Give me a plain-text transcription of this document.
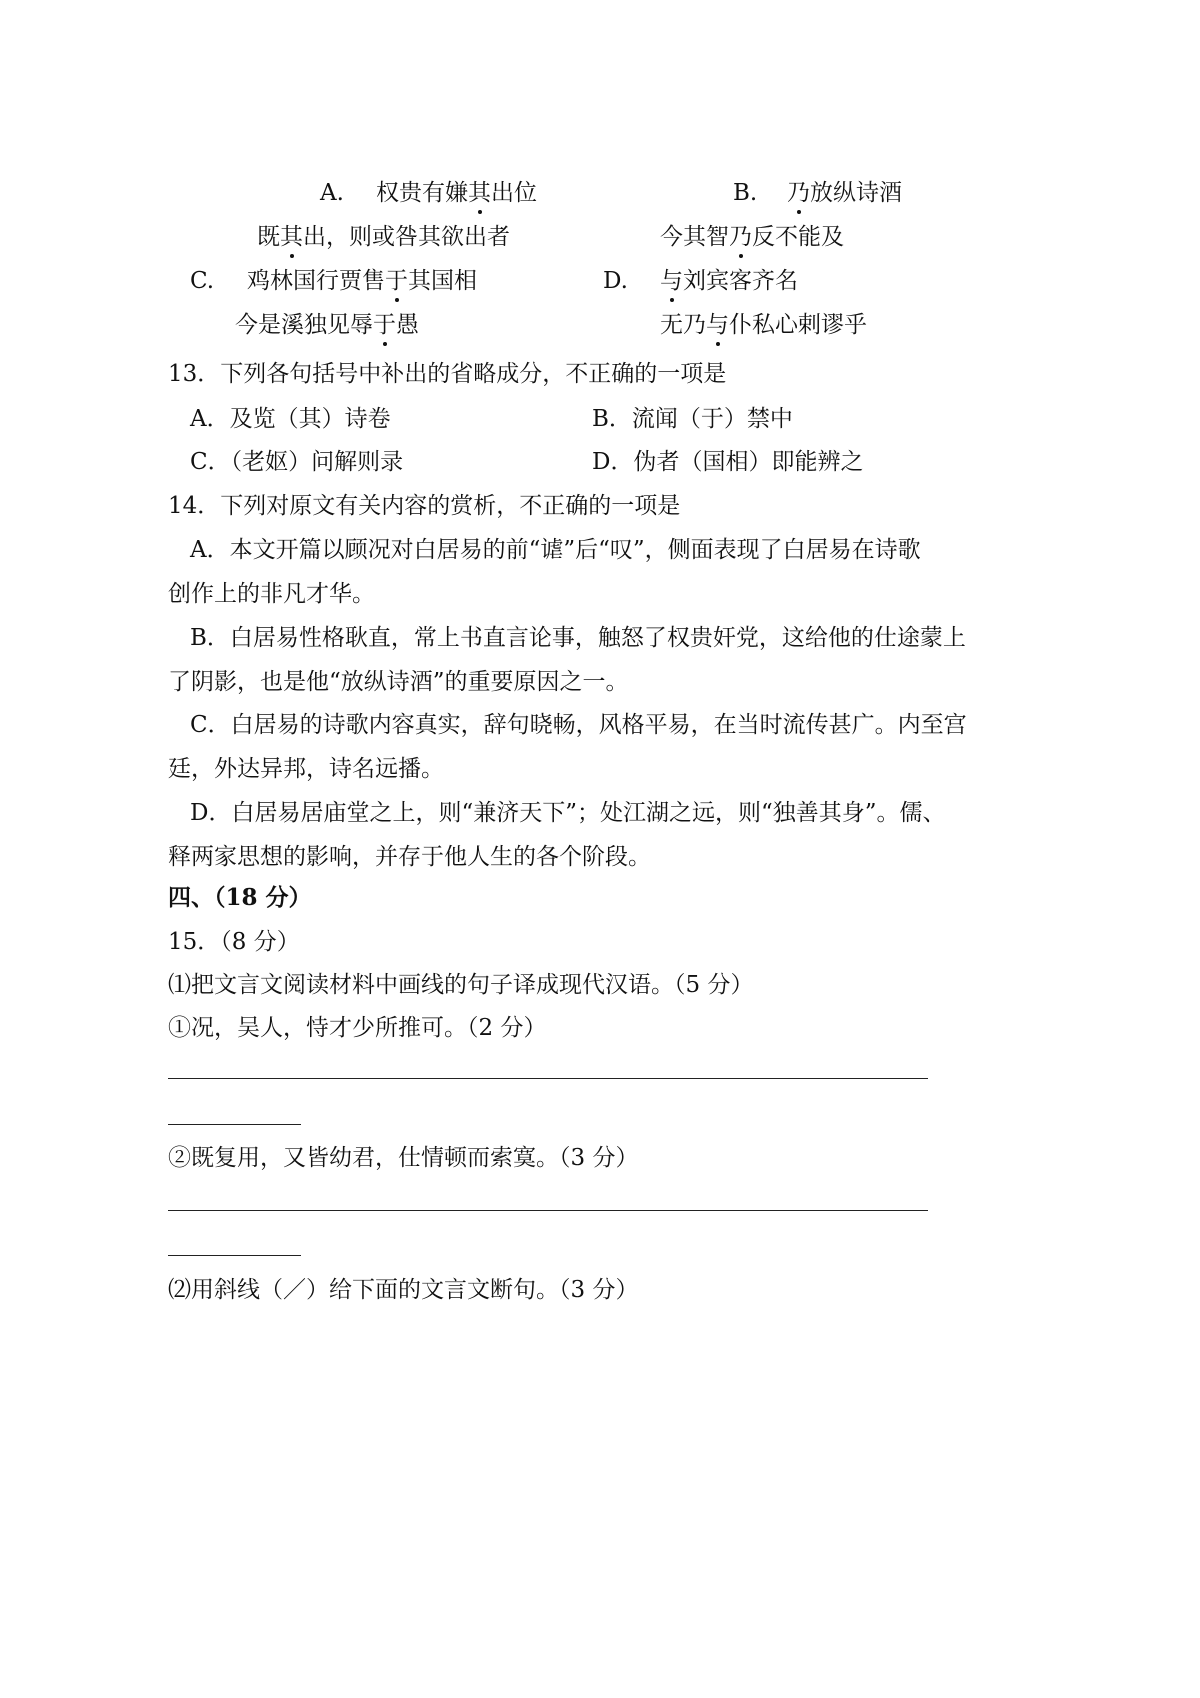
A. 权贵有嫌其出位	B. 乃放纵诗酒
既其出，则或咎其欲出者	今其智乃反不能及
C. 鸡林国行贾售于其国相	D. 与刘宾客齐名
今是溪独见辱于愚	无乃与仆私心剌谬乎
13．下列各句括号中补出的省略成分，不正确的一项是
A．及览（其）诗卷	B．流闻（于）禁中
C．（老妪）问解则录	D．伪者（国相）即能辨之
14．下列对原文有关内容的赏析，不正确的一项是
A．本文开篇以顾况对白居易的前“谑”后“叹”，侧面表现了白居易在诗歌
创作上的非凡才华。
B．白居易性格耿直，常上书直言论事，触怒了权贵奸党，这给他的仕途蒙上
了阴影，也是他“放纵诗酒”的重要原因之一。
C．白居易的诗歌内容真实，辞句晓畅，风格平易，在当时流传甚广。内至宫
廷，外达异邦，诗名远播。
D．白居易居庙堂之上，则“兼济天下”；处江湖之远，则“独善其身”。儒、
释两家思想的影响，并存于他人生的各个阶段。
四、（18 分）
15．（8 分）
⑴把文言文阅读材料中画线的句子译成现代汉语。（5 分）
①况，吴人，恃才少所推可。（2 分）
②既复用，又皆幼君，仕情顿而索寞。（3 分）
⑵用斜线（／）给下面的文言文断句。（3 分）
